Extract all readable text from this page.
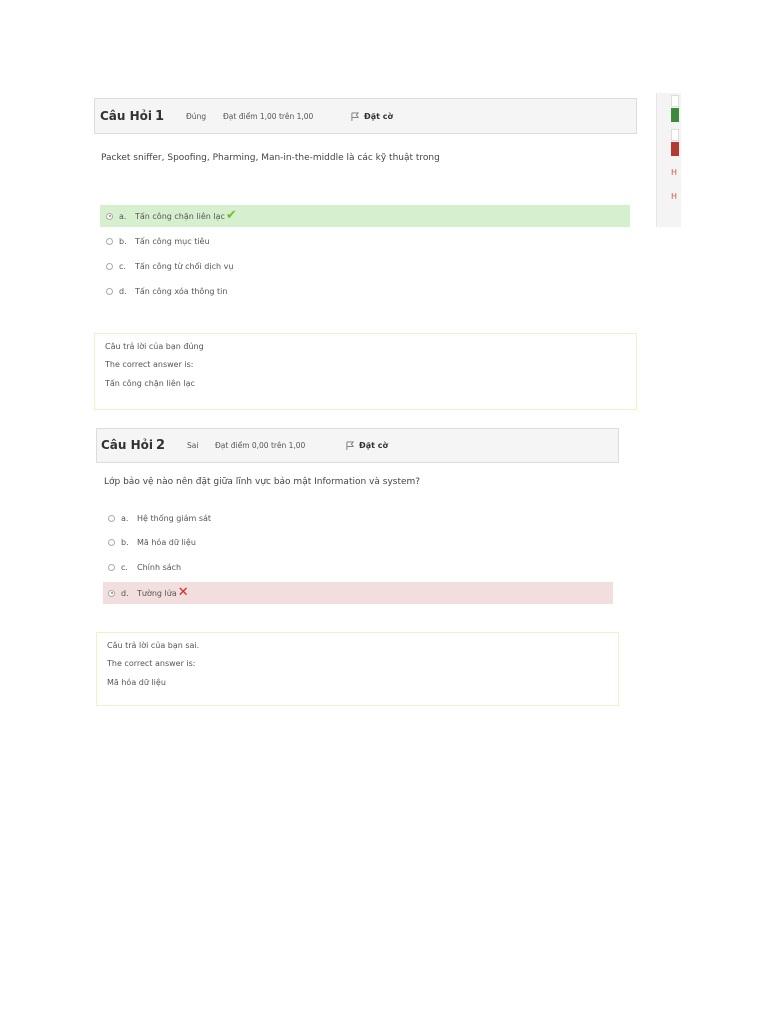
Câu Hỏi 1	Đúng	Đạt điểm 1,00 trên 1,00	Đặt cờ
Packet sniffer, Spoofing, Pharming, Man-in-the-middle là các kỹ thuật trong
a.	Tấn công chặn liên lạc ✔
b.	Tấn công mục tiêu
c.	Tấn công từ chối dịch vụ
d.	Tấn công xóa thông tin
Câu trả lời của bạn đúng
The correct answer is:
Tấn công chặn liên lạc
Câu Hỏi 2	Sai	Đạt điểm 0,00 trên 1,00	Đặt cờ
Lớp bảo vệ nào nên đặt giữa lĩnh vực bảo mật Information và system?
a.	Hệ thống giám sát
b.	Mã hóa dữ liệu
c.	Chính sách
d.	Tường lửa ✕
Câu trả lời của bạn sai.
The correct answer is:
Mã hóa dữ liệu
H
H
